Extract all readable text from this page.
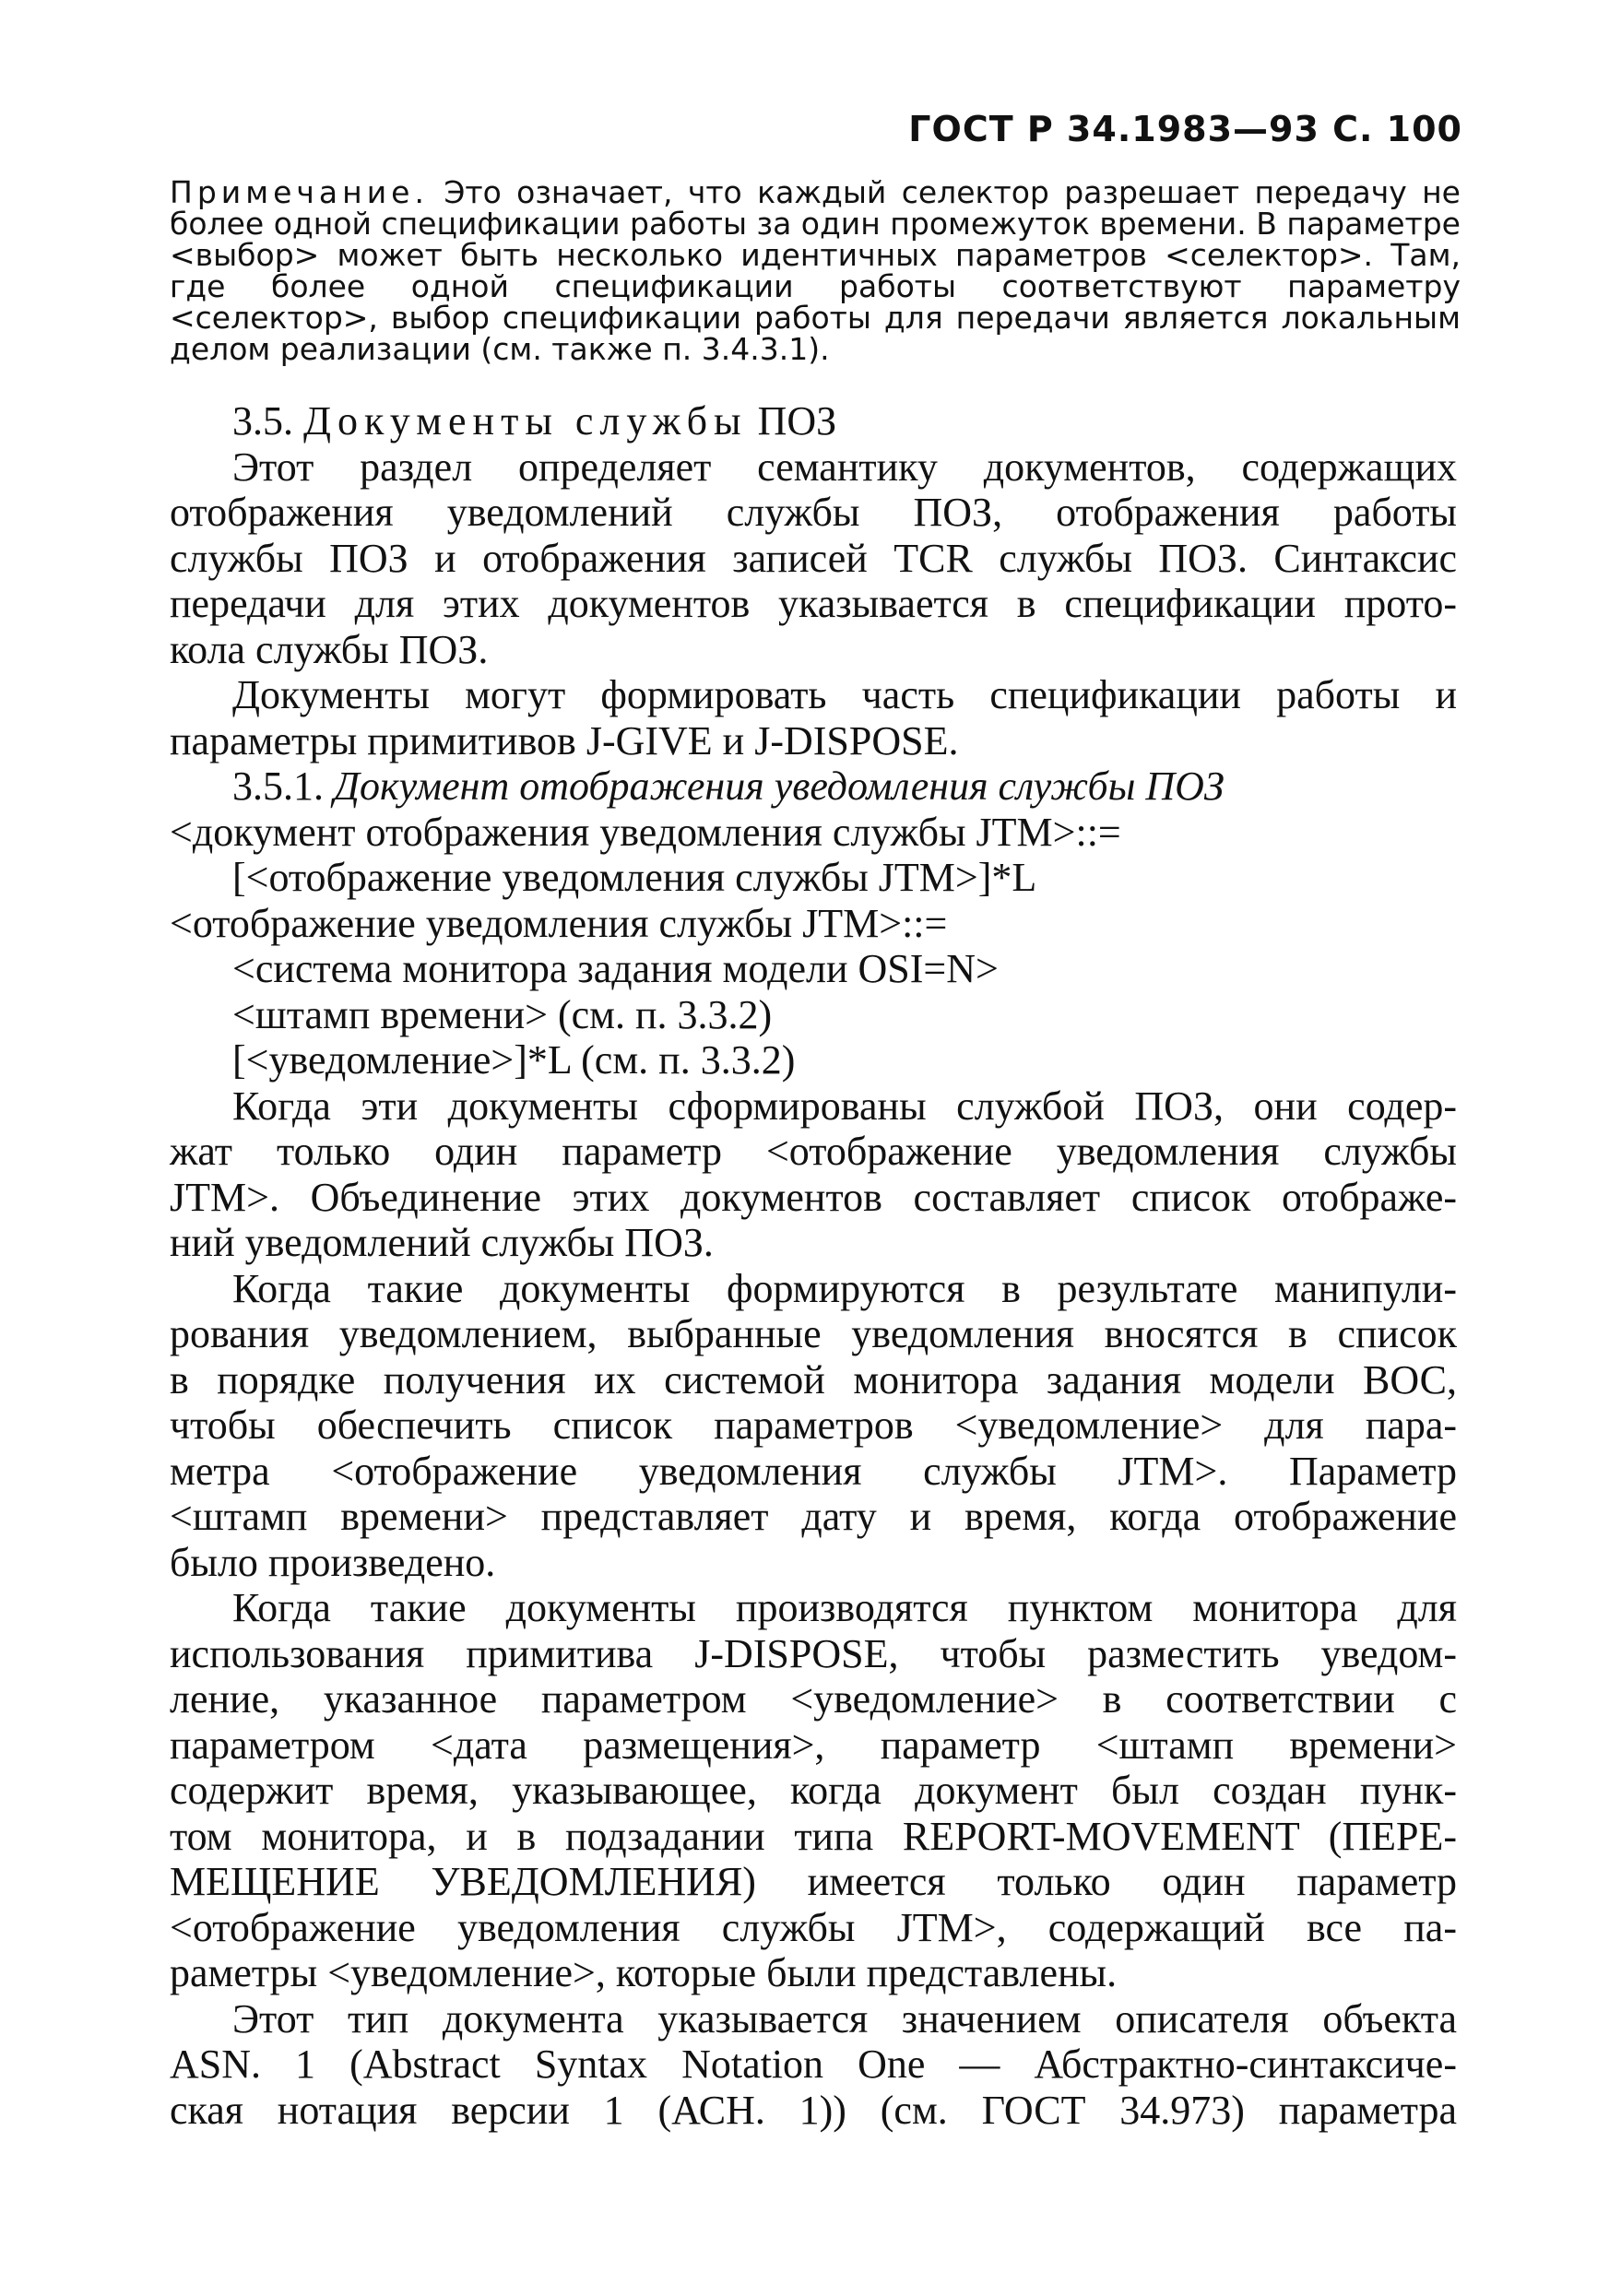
ГОСТ Р 34.1983—93 С. 100
Примечание. Это означает, что каждый селектор разрешает передачу не более одной спецификации работы за один промежуток времени. В параметре <выбор> может быть несколько идентичных параметров <селектор>. Там, где более одной спецификации работы соответствуют параметру <селектор>, выбор спецификации работы для передачи является локальным делом реализации (см. также п. 3.4.3.1).
3.5. Документы службы ПОЗ
Этот раздел определяет семантику документов, содержащих
отображения уведомлений службы ПОЗ, отображения работы
службы ПОЗ и отображения записей TCR службы ПОЗ. Синтаксис
передачи для этих документов указывается в спецификации прото-
кола службы ПОЗ.
Документы могут формировать часть спецификации работы и
параметры примитивов J-GIVE и J-DISPOSE.
3.5.1. Документ отображения уведомления службы ПОЗ
<документ отображения уведомления службы JTM>::=
[<отображение уведомления службы JTM>]*L
<отображение уведомления службы JTM>::=
<система монитора задания модели OSI=N>
<штамп времени> (см. п. 3.3.2)
[<уведомление>]*L (см. п. 3.3.2)
Когда эти документы сформированы службой ПОЗ, они содер-
жат только один параметр <отображение уведомления службы
JTM>. Объединение этих документов составляет список отображе-
ний уведомлений службы ПОЗ.
Когда такие документы формируются в результате манипули-
рования уведомлением, выбранные уведомления вносятся в список
в порядке получения их системой монитора задания модели ВОС,
чтобы обеспечить список параметров <уведомление> для пара-
метра <отображение уведомления службы JTM>. Параметр
<штамп времени> представляет дату и время, когда отображение
было произведено.
Когда такие документы производятся пунктом монитора для
использования примитива J-DISPOSE, чтобы разместить уведом-
ление, указанное параметром <уведомление> в соответствии с
параметром <дата размещения>, параметр <штамп времени>
содержит время, указывающее, когда документ был создан пунк-
том монитора, и в подзадании типа REPORT-MOVEMENT (ПЕРЕ-
МЕЩЕНИЕ УВЕДОМЛЕНИЯ) имеется только один параметр
<отображение уведомления службы JTM>, содержащий все па-
раметры <уведомление>, которые были представлены.
Этот тип документа указывается значением описателя объекта
ASN. 1 (Abstract Syntax Notation One — Абстрактно-синтаксиче-
ская нотация версии 1 (АСН. 1)) (см. ГОСТ 34.973) параметра
